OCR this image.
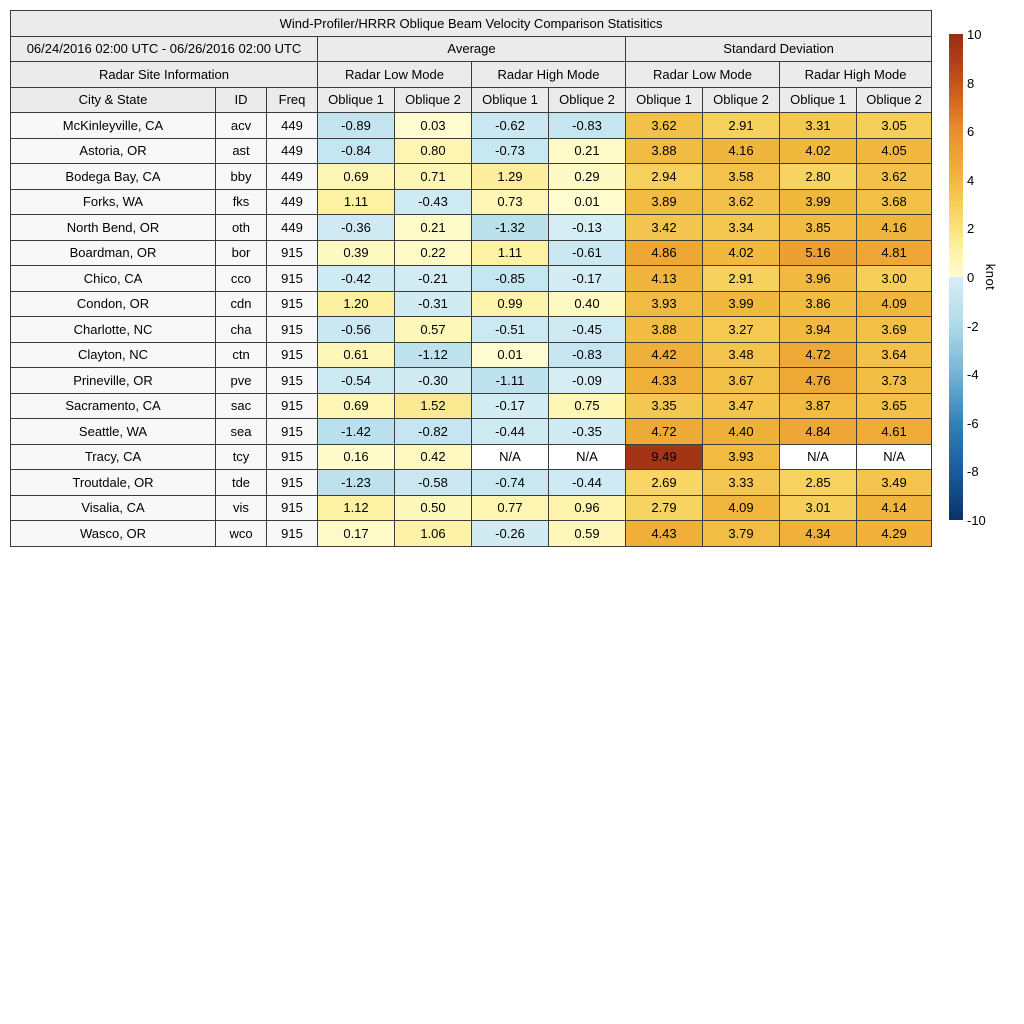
Wind-Profiler/HRRR Oblique Beam Velocity Comparison Statisitics										
06/24/2016 02:00 UTC - 06/26/2016 02:00 UTC			Average				Standard Deviation			
Radar Site Information			Radar Low Mode		Radar High Mode		Radar Low Mode		Radar High Mode	
City & State	ID	Freq	Oblique 1	Oblique 2	Oblique 1	Oblique 2	Oblique 1	Oblique 2	Oblique 1	Oblique 2
McKinleyville, CA	acv	449	-0.89	0.03	-0.62	-0.83	3.62	2.91	3.31	3.05
Astoria, OR	ast	449	-0.84	0.80	-0.73	0.21	3.88	4.16	4.02	4.05
Bodega Bay, CA	bby	449	0.69	0.71	1.29	0.29	2.94	3.58	2.80	3.62
Forks, WA	fks	449	1.11	-0.43	0.73	0.01	3.89	3.62	3.99	3.68
North Bend, OR	oth	449	-0.36	0.21	-1.32	-0.13	3.42	3.34	3.85	4.16
Boardman, OR	bor	915	0.39	0.22	1.11	-0.61	4.86	4.02	5.16	4.81
Chico, CA	cco	915	-0.42	-0.21	-0.85	-0.17	4.13	2.91	3.96	3.00
Condon, OR	cdn	915	1.20	-0.31	0.99	0.40	3.93	3.99	3.86	4.09
Charlotte, NC	cha	915	-0.56	0.57	-0.51	-0.45	3.88	3.27	3.94	3.69
Clayton, NC	ctn	915	0.61	-1.12	0.01	-0.83	4.42	3.48	4.72	3.64
Prineville, OR	pve	915	-0.54	-0.30	-1.11	-0.09	4.33	3.67	4.76	3.73
Sacramento, CA	sac	915	0.69	1.52	-0.17	0.75	3.35	3.47	3.87	3.65
Seattle, WA	sea	915	-1.42	-0.82	-0.44	-0.35	4.72	4.40	4.84	4.61
Tracy, CA	tcy	915	0.16	0.42	N/A	N/A	9.49	3.93	N/A	N/A
Troutdale, OR	tde	915	-1.23	-0.58	-0.74	-0.44	2.69	3.33	2.85	3.49
Visalia, CA	vis	915	1.12	0.50	0.77	0.96	2.79	4.09	3.01	4.14
Wasco, OR	wco	915	0.17	1.06	-0.26	0.59	4.43	3.79	4.34	4.29
10
8
6
4
2
0
-2
-4
-6
-8
-10
knot
